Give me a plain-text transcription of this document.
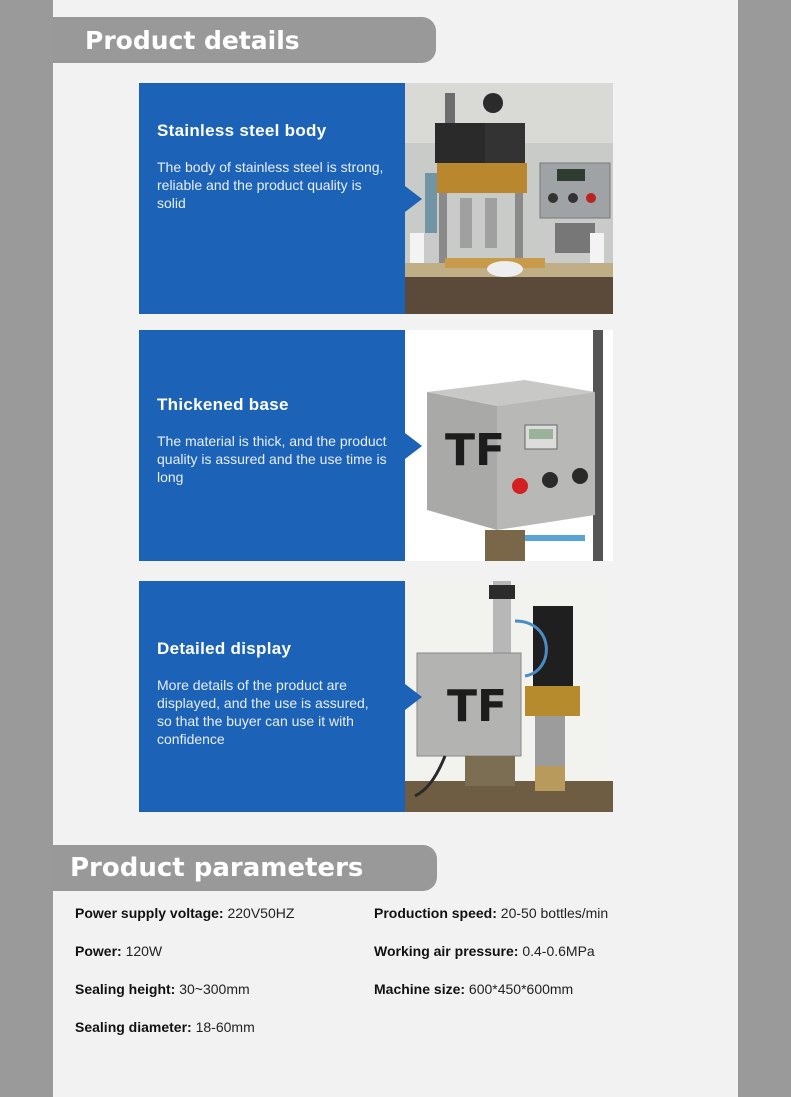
Product details
Stainless steel body

The body of stainless steel is strong, reliable and the product quality is solid

Thickened base

The material is thick, and the product quality is assured and the use time is long

TF
Detailed display

More details of the product are displayed, and the use is assured, so that the buyer can use it with confidence

TF
Product parameters
Power supply voltage: 220V50HZ
Power: 120W
Sealing height: 30~300mm
Sealing diameter: 18-60mm
Production speed: 20-50 bottles/min
Working air pressure: 0.4-0.6MPa
Machine size: 600*450*600mm
